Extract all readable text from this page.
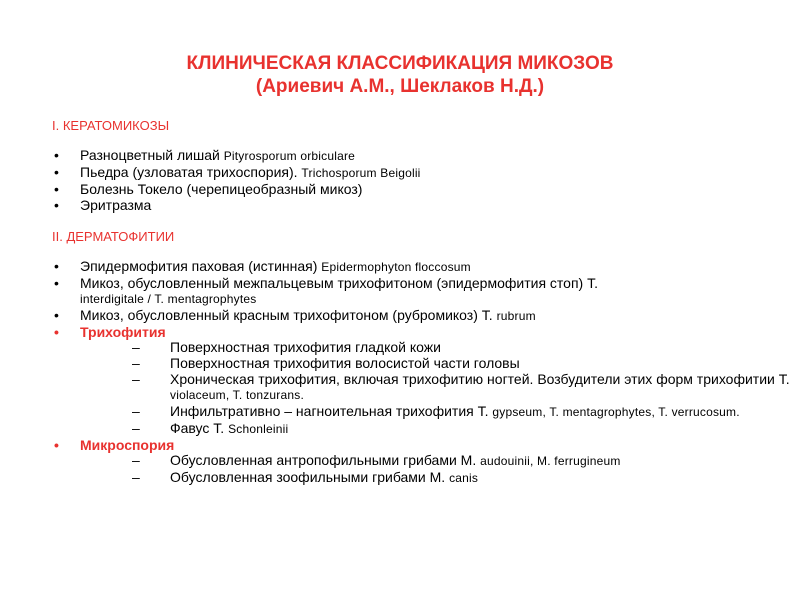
КЛИНИЧЕСКАЯ КЛАССИФИКАЦИЯ МИКОЗОВ
(Ариевич А.М., Шеклаков Н.Д.)
I. КЕРАТОМИКОЗЫ
• Разноцветный лишай Pityrosporum orbiculare
• Пьедра (узловатая трихоспория). Trichosporum Beigolii
• Болезнь Токело (черепицеобразный микоз)
• Эритразма
II. ДЕРМАТОФИТИИ
• Эпидермофития паховая (истинная) Epidermophyton floccosum
• Микоз, обусловленный межпальцевым трихофитоном (эпидермофития стоп) Т.
interdigitale / T. mentagrophytes
• Микоз, обусловленный красным трихофитоном (рубромикоз) Т. rubrum
• Трихофития
– Поверхностная трихофития гладкой кожи
– Поверхностная трихофития волосистой части головы
– Хроническая трихофития, включая трихофитию ногтей. Возбудители этих форм трихофитии Т. violaceum, T. tonzurans.
– Инфильтративно – нагноительная трихофития Т. gypseum, T. mentagrophytes, T. verrucosum.
– Фавус Т. Schonleinii
• Микроспория
– Обусловленная антропофильными грибами М. audouinii, M. ferrugineum
– Обусловленная зоофильными грибами М. canis
